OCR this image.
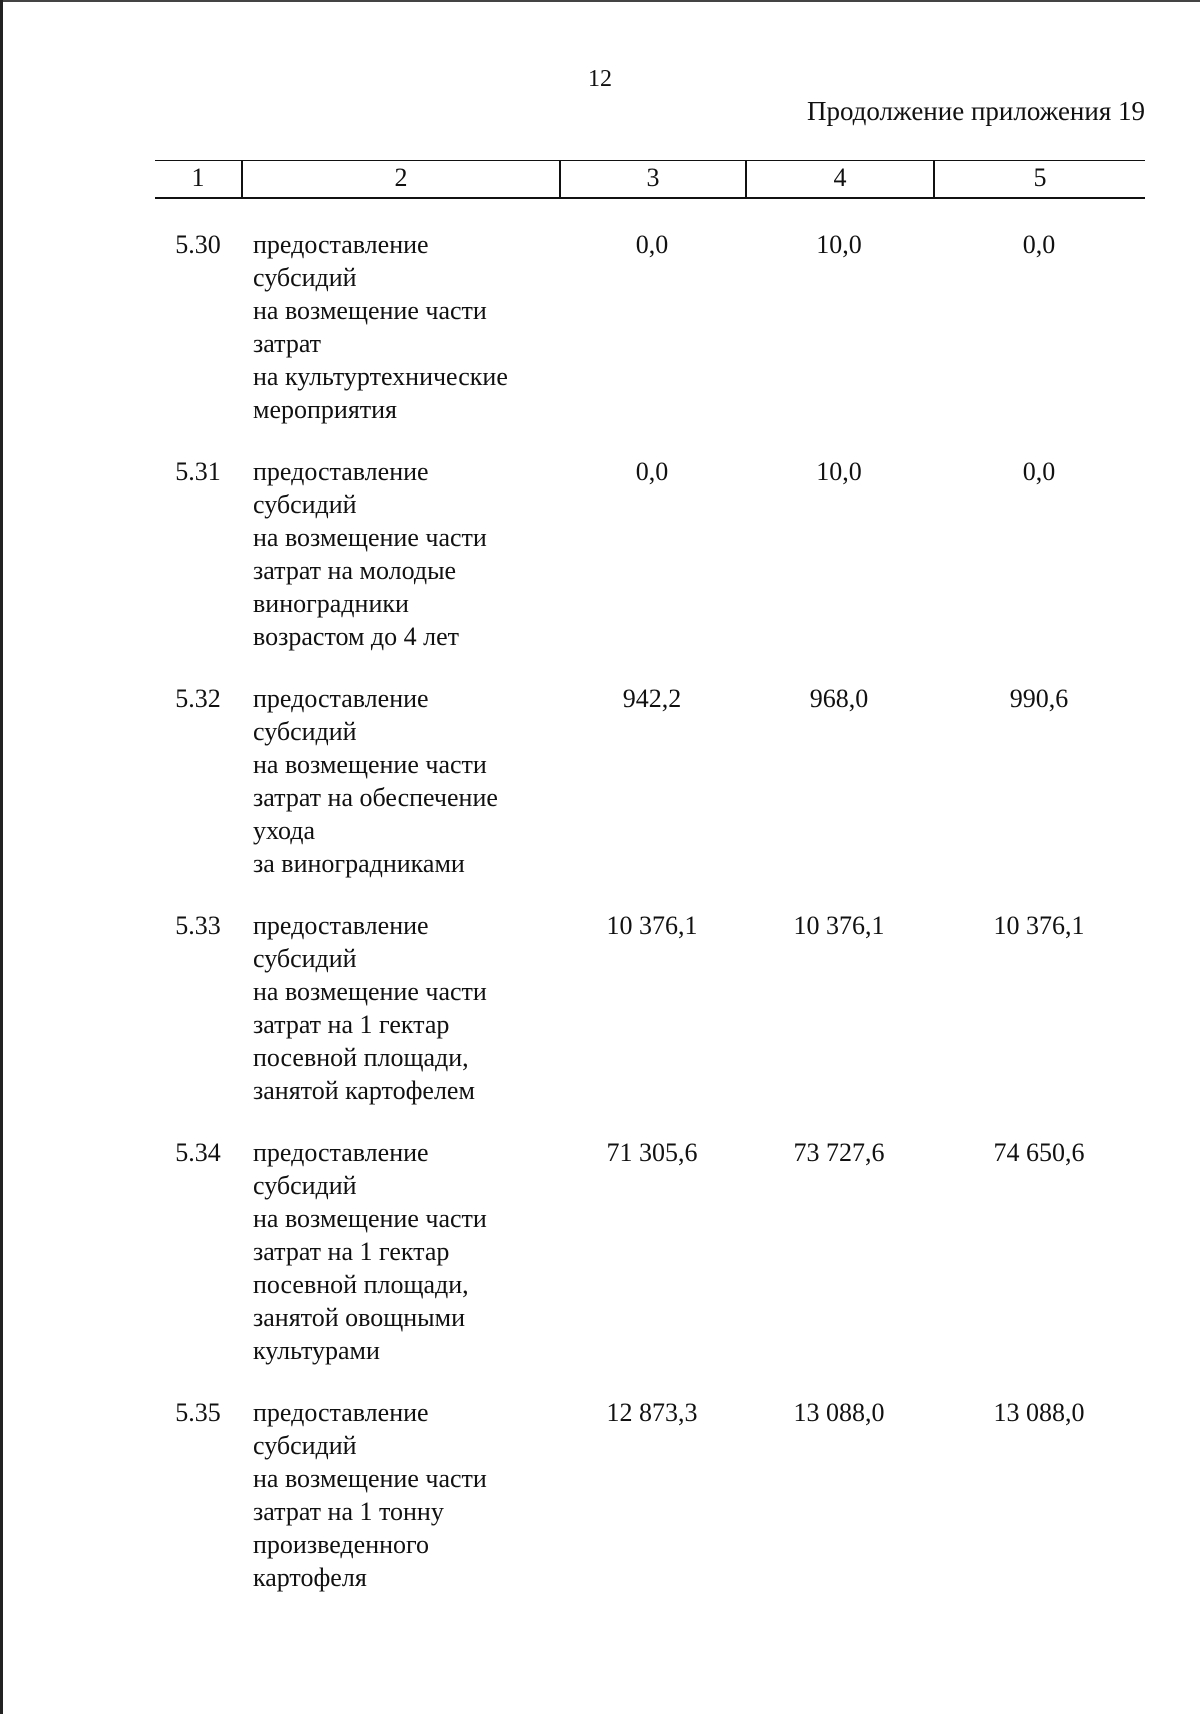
12
Продолжение приложения 19
1	2	3	4	5
5.30	предоставление
субсидий
на возмещение части
затрат
на культуртехнические
мероприятия
0,0	10,0	0,0
5.31	предоставление
субсидий
на возмещение части
затрат на молодые
виноградники
возрастом до 4 лет
0,0	10,0	0,0
5.32	предоставление
субсидий
на возмещение части
затрат на обеспечение
ухода
за виноградниками
942,2	968,0	990,6
5.33	предоставление
субсидий
на возмещение части
затрат на 1 гектар
посевной площади,
занятой картофелем
10 376,1	10 376,1	10 376,1
5.34	предоставление
субсидий
на возмещение части
затрат на 1 гектар
посевной площади,
занятой овощными
культурами
71 305,6	73 727,6	74 650,6
5.35	предоставление
субсидий
на возмещение части
затрат на 1 тонну
произведенного
картофеля
12 873,3	13 088,0	13 088,0
